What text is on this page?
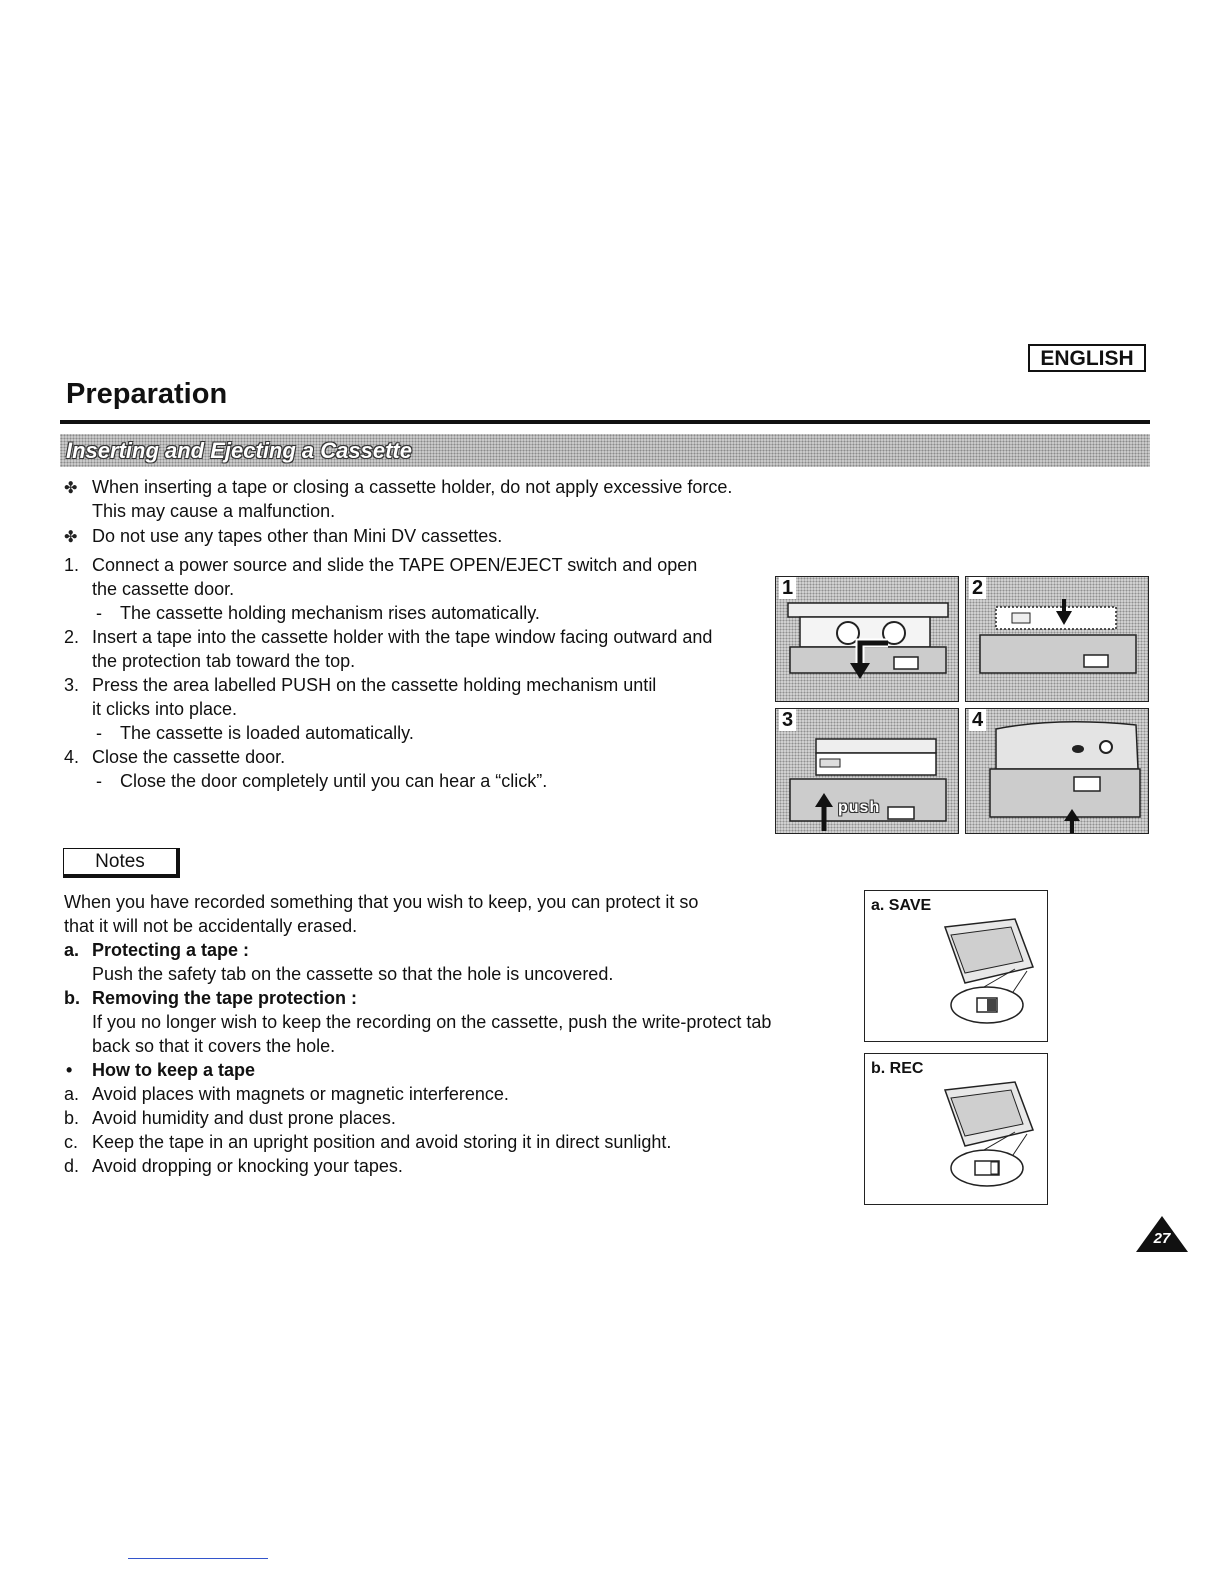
ENGLISH
Preparation
Inserting and Ejecting a Cassette
✤ When inserting a tape or closing a cassette holder, do not apply excessive force.
This may cause a malfunction.
✤ Do not use any tapes other than Mini DV cassettes.
1. Connect a power source and slide the TAPE OPEN/EJECT switch and open
the cassette door.
- The cassette holding mechanism rises automatically.
2. Insert a tape into the cassette holder with the tape window facing outward and
the protection tab toward the top.
3. Press the area labelled PUSH on the cassette holding mechanism until
it clicks into place.
- The cassette is loaded automatically.
4. Close the cassette door.
- Close the door completely until you can hear a “click”.
1	2
3
push
4
Notes
When you have recorded something that you wish to keep, you can protect it so
that it will not be accidentally erased.
a. Protecting a tape :
Push the safety tab on the cassette so that the hole is uncovered.
b. Removing the tape protection :
If you no longer wish to keep the recording on the cassette, push the write-protect tab
back so that it covers the hole.
• How to keep a tape
a. Avoid places with magnets or magnetic interference.
b. Avoid humidity and dust prone places.
c. Keep the tape in an upright position and avoid storing it in direct sunlight.
d. Avoid dropping or knocking your tapes.
a. SAVE
b. REC
27
